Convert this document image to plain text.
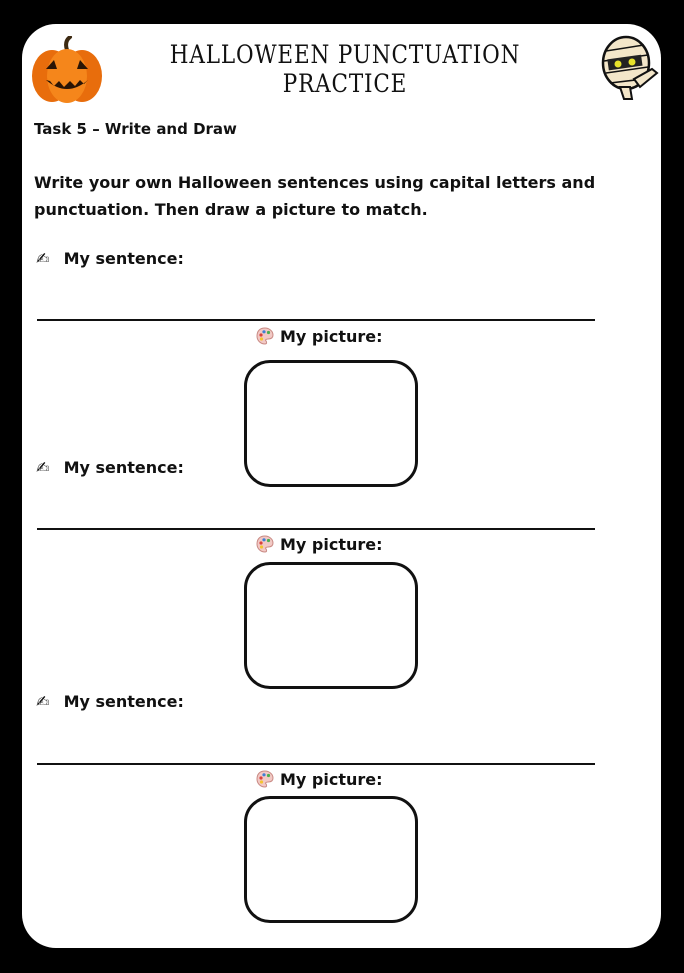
HALLOWEEN PUNCTUATION PRACTICE

Task 5 – Write and Draw

Write your own Halloween sentences using capital letters and punctuation. Then draw a picture to match.

✍ My sentence:
My picture:
✍ My sentence:
My picture:
✍ My sentence:
My picture:
